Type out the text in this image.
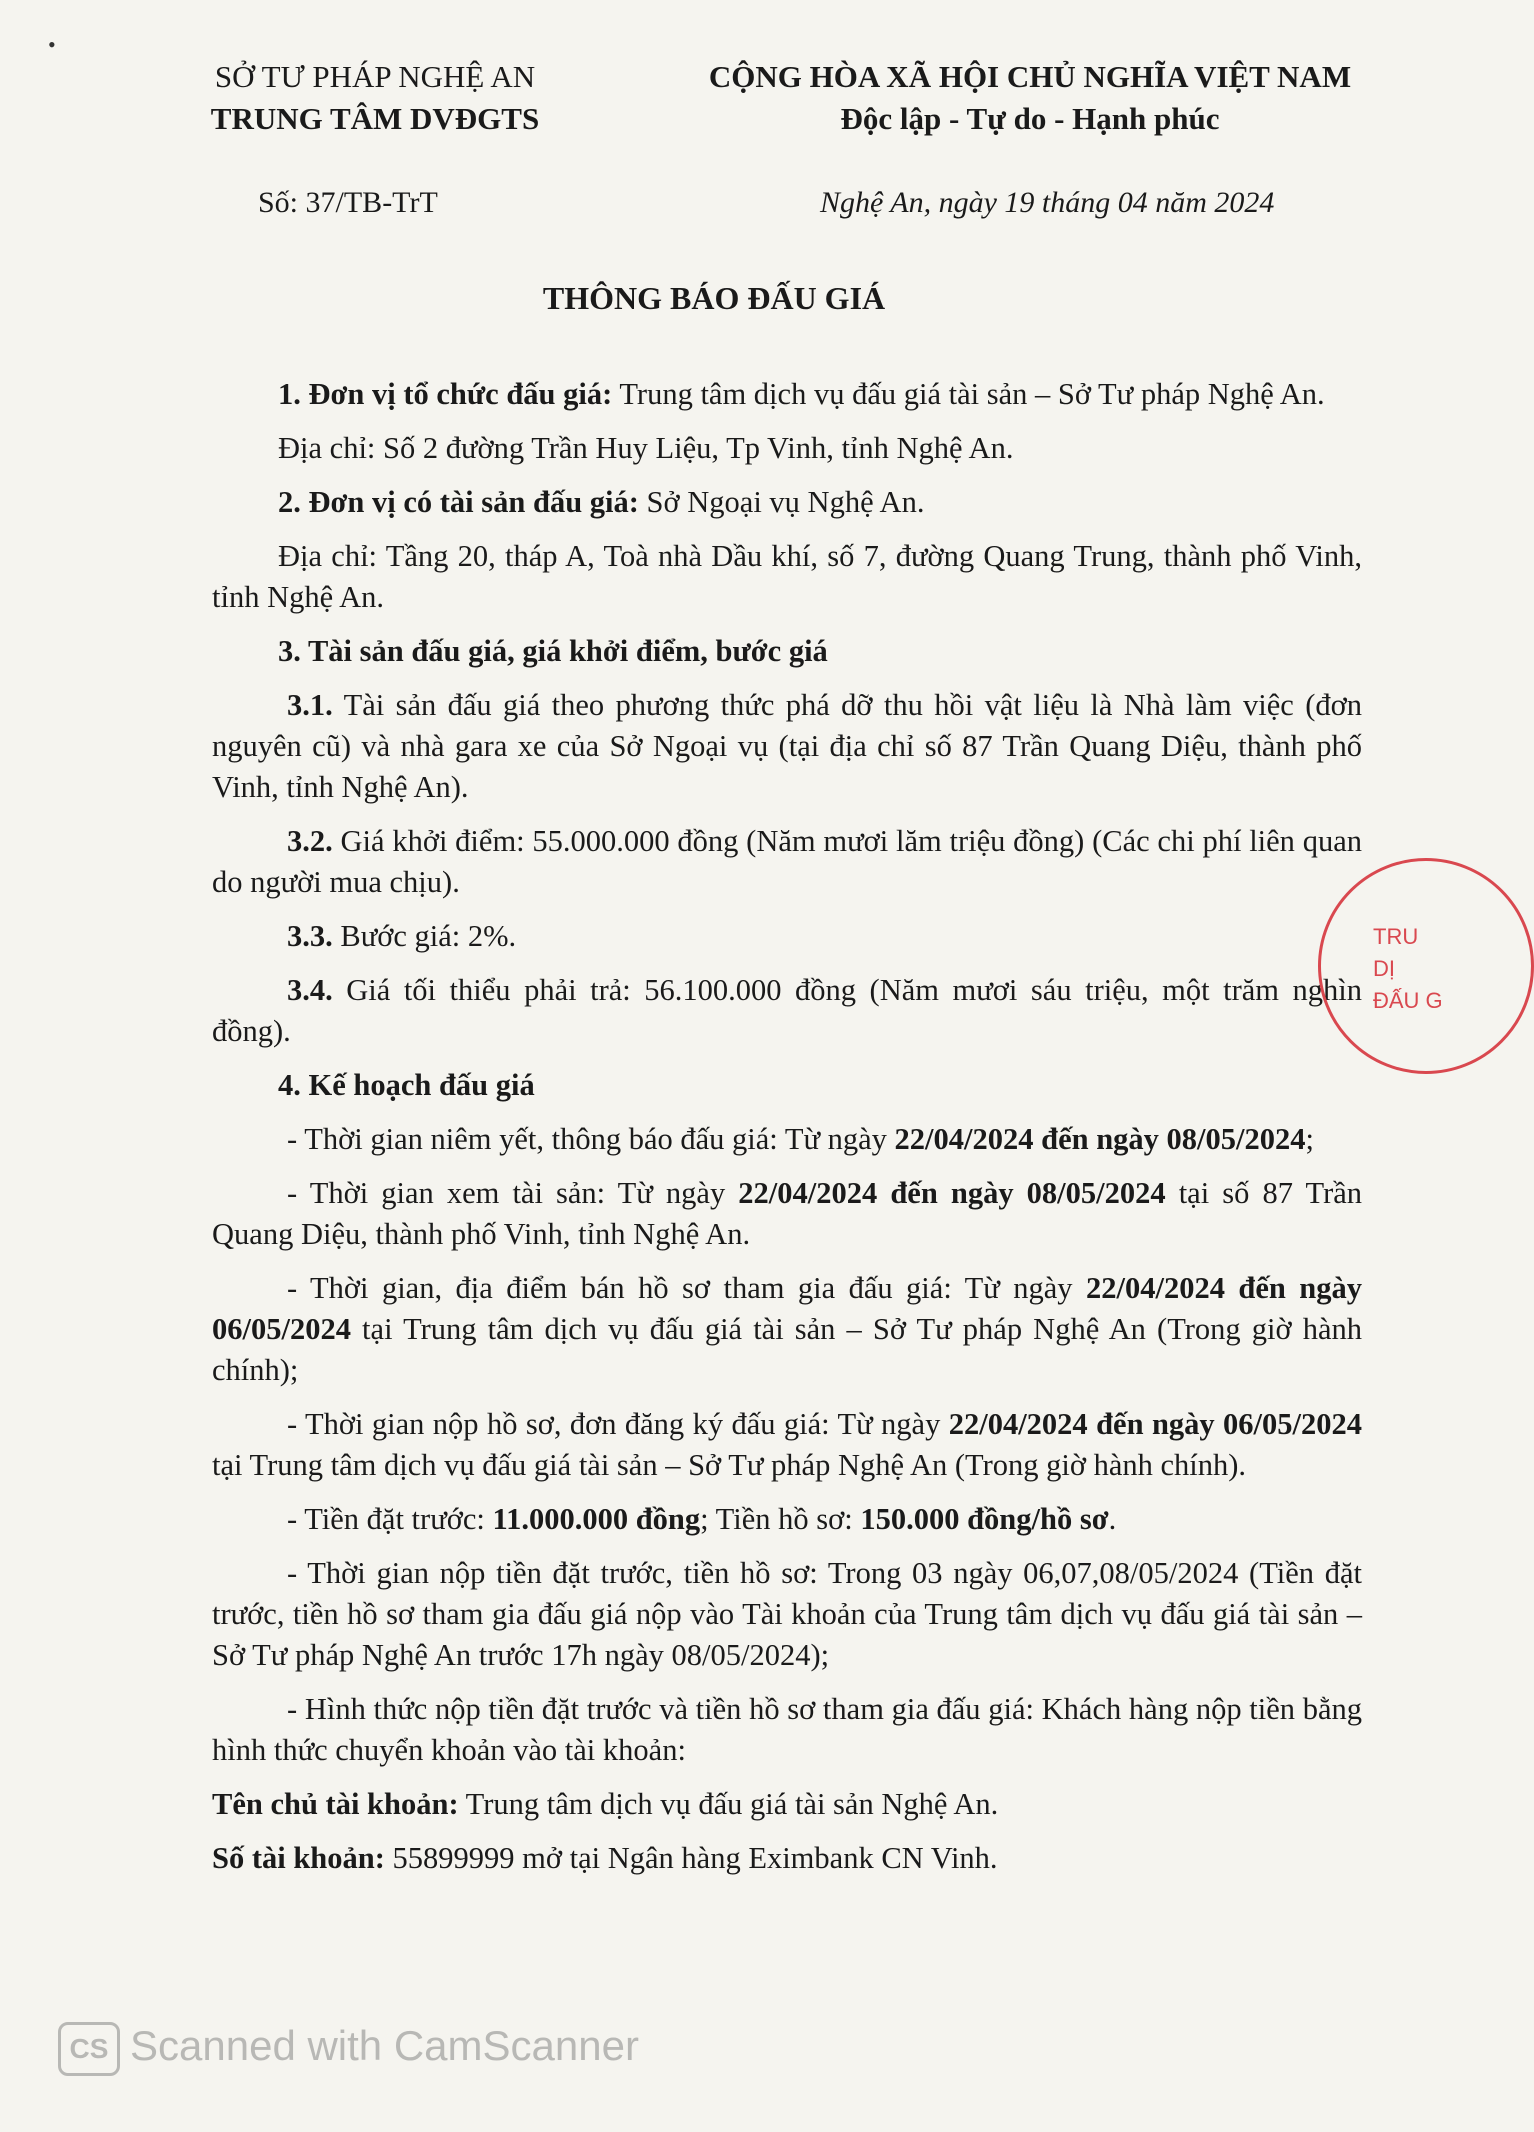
•
SỞ TƯ PHÁP NGHỆ AN
TRUNG TÂM DVĐGTS
CỘNG HÒA XÃ HỘI CHỦ NGHĨA VIỆT NAM
Độc lập - Tự do - Hạnh phúc
Số: 37/TB-TrT	Nghệ An, ngày 19 tháng 04 năm 2024
THÔNG BÁO ĐẤU GIÁ

1. Đơn vị tổ chức đấu giá: Trung tâm dịch vụ đấu giá tài sản – Sở Tư pháp Nghệ An.

Địa chỉ: Số 2 đường Trần Huy Liệu, Tp Vinh, tỉnh Nghệ An.

2. Đơn vị có tài sản đấu giá: Sở Ngoại vụ Nghệ An.

Địa chỉ: Tầng 20, tháp A, Toà nhà Dầu khí, số 7, đường Quang Trung, thành phố Vinh, tỉnh Nghệ An.

3. Tài sản đấu giá, giá khởi điểm, bước giá

3.1. Tài sản đấu giá theo phương thức phá dỡ thu hồi vật liệu là Nhà làm việc (đơn nguyên cũ) và nhà gara xe của Sở Ngoại vụ (tại địa chỉ số 87 Trần Quang Diệu, thành phố Vinh, tỉnh Nghệ An).

3.2. Giá khởi điểm: 55.000.000 đồng (Năm mươi lăm triệu đồng) (Các chi phí liên quan do người mua chịu).

3.3. Bước giá: 2%.

3.4. Giá tối thiểu phải trả: 56.100.000 đồng (Năm mươi sáu triệu, một trăm nghìn đồng).

4. Kế hoạch đấu giá

- Thời gian niêm yết, thông báo đấu giá: Từ ngày 22/04/2024 đến ngày 08/05/2024;

- Thời gian xem tài sản: Từ ngày 22/04/2024 đến ngày 08/05/2024 tại số 87 Trần Quang Diệu, thành phố Vinh, tỉnh Nghệ An.

- Thời gian, địa điểm bán hồ sơ tham gia đấu giá: Từ ngày 22/04/2024 đến ngày 06/05/2024 tại Trung tâm dịch vụ đấu giá tài sản – Sở Tư pháp Nghệ An (Trong giờ hành chính);

- Thời gian nộp hồ sơ, đơn đăng ký đấu giá: Từ ngày 22/04/2024 đến ngày 06/05/2024 tại Trung tâm dịch vụ đấu giá tài sản – Sở Tư pháp Nghệ An (Trong giờ hành chính).

- Tiền đặt trước: 11.000.000 đồng; Tiền hồ sơ: 150.000 đồng/hồ sơ.

- Thời gian nộp tiền đặt trước, tiền hồ sơ: Trong 03 ngày 06,07,08/05/2024 (Tiền đặt trước, tiền hồ sơ tham gia đấu giá nộp vào Tài khoản của Trung tâm dịch vụ đấu giá tài sản – Sở Tư pháp Nghệ An trước 17h ngày 08/05/2024);

- Hình thức nộp tiền đặt trước và tiền hồ sơ tham gia đấu giá: Khách hàng nộp tiền bằng hình thức chuyển khoản vào tài khoản:

Tên chủ tài khoản: Trung tâm dịch vụ đấu giá tài sản Nghệ An.

Số tài khoản: 55899999 mở tại Ngân hàng Eximbank CN Vinh.

TRU
DỊ
ĐẤU G
CS Scanned with CamScanner
